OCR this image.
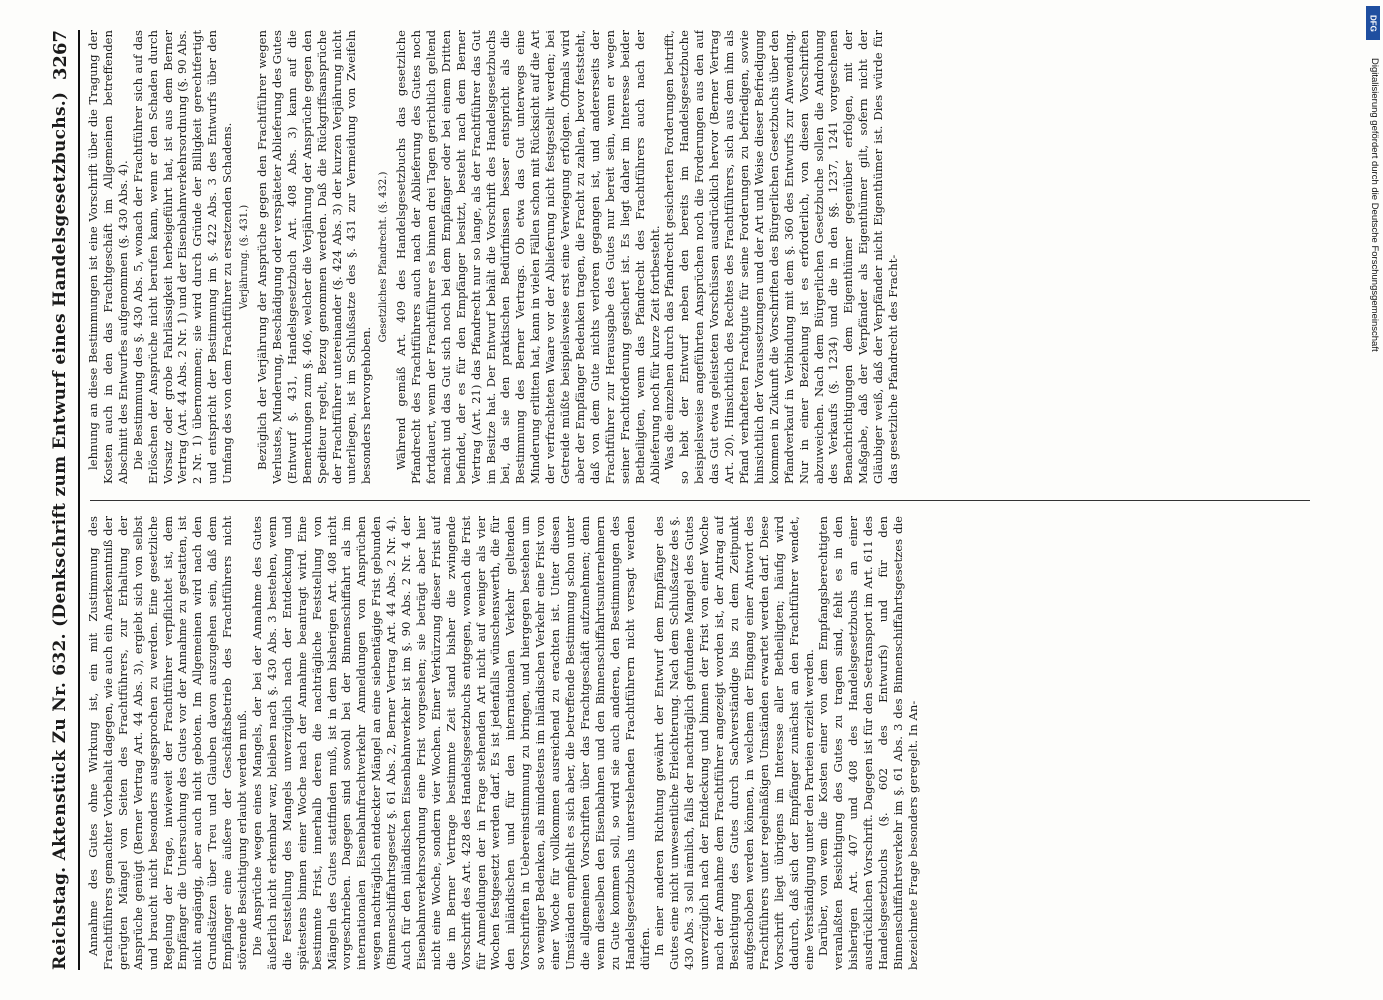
Reichstag. Aktenstück Zu Nr. 632. (Denkschrift zum Entwurf eines Handelsgesetzbuchs.)
3267

Annahme des Gutes ohne Wirkung ist, ein mit Zustimmung des Frachtführers gemachter Vorbehalt dagegen, wie auch ein Anerkenntniß der gerügten Mängel von Seiten des Frachtführers, zur Erhaltung der Ansprüche genügt (Berner Vertrag Art. 44 Abs. 3), ergiebt sich von selbst und braucht nicht besonders ausgesprochen zu werden. Eine gesetzliche Regelung der Frage, inwieweit der Frachtführer verpflichtet ist, dem Empfänger die Untersuchung des Gutes vor der Annahme zu gestatten, ist nicht angängig, aber auch nicht geboten. Im Allgemeinen wird nach den Grundsätzen über Treu und Glauben davon auszugehen sein, daß dem Empfänger eine äußere der Geschäftsbetrieb des Frachtführers nicht störende Besichtigung erlaubt werden muß. Die Ansprüche wegen eines Mangels, der bei der Annahme des Gutes äußerlich nicht erkennbar war, bleiben nach §. 430 Abs. 3 bestehen, wenn die Feststellung des Mangels unverzüglich nach der Entdeckung und spätestens binnen einer Woche nach der Annahme beantragt wird. Eine bestimmte Frist, innerhalb deren die nachträgliche Feststellung von Mängeln des Gutes stattfinden muß, ist in dem bisherigen Art. 408 nicht vorgeschrieben. Dagegen sind sowohl bei der Binnenschiffahrt als im internationalen Eisenbahnfrachtverkehr Anmeldungen von Ansprüchen wegen nachträglich entdeckter Mängel an eine siebentägige Frist gebunden (Binnenschiffahrtsgesetz §. 61 Abs. 2, Berner Vertrag Art. 44 Abs. 2 Nr. 4). Auch für den inländischen Eisenbahnverkehr ist im §. 90 Abs. 2 Nr. 4 der Eisenbahnverkehrsordnung eine Frist vorgesehen; sie beträgt aber hier nicht eine Woche, sondern vier Wochen. Einer Verkürzung dieser Frist auf die im Berner Vertrage bestimmte Zeit stand bisher die zwingende Vorschrift des Art. 428 des Handelsgesetzbuchs entgegen, wonach die Frist für Anmeldungen der in Frage stehenden Art nicht auf weniger als vier Wochen festgesetzt werden darf. Es ist jedenfalls wünschenswerth, die für den inländischen und für den internationalen Verkehr geltenden Vorschriften in Uebereinstimmung zu bringen, und hiergegen bestehen um so weniger Bedenken, als mindestens im inländischen Verkehr eine Frist von einer Woche für vollkommen ausreichend zu erachten ist. Unter diesen Umständen empfiehlt es sich aber, die betreffende Bestimmung schon unter die allgemeinen Vorschriften über das Frachtgeschäft aufzunehmen; denn wenn dieselben den Eisenbahnen und den Binnenschiffahrtsunternehmern zu Gute kommen soll, so wird sie auch anderen, den Bestimmungen des Handelsgesetzbuchs unterstehenden Frachtführern nicht versagt werden dürfen. In einer anderen Richtung gewährt der Entwurf dem Empfänger des Gutes eine nicht unwesentliche Erleichterung. Nach dem Schlußsatze des §. 430 Abs. 3 soll nämlich, falls der nachträglich gefundene Mangel des Gutes unverzüglich nach der Entdeckung und binnen der Frist von einer Woche nach der Annahme dem Frachtführer angezeigt worden ist, der Antrag auf Besichtigung des Gutes durch Sachverständige bis zu dem Zeitpunkt aufgeschoben werden können, in welchem der Eingang einer Antwort des Frachtführers unter regelmäßigen Umständen erwartet werden darf. Diese Vorschrift liegt übrigens im Interesse aller Betheiligten; häufig wird dadurch, daß sich der Empfänger zunächst an den Frachtführer wendet, eine Verständigung unter den Parteien erzielt werden. Darüber, von wem die Kosten einer von dem Empfangsberechtigten veranlaßten Besichtigung des Gutes zu tragen sind, fehlt es in den bisherigen Art. 407 und 408 des Handelsgesetzbuchs an einer ausdrücklichen Vorschrift. Dagegen ist für den Seetransport im Art. 611 des Handelsgesetzbuchs (§. 602 des Entwurfs) und für den Binnenschiffahrtsverkehr im §. 61 Abs. 3 des Binnenschiffahrtsgesetzes die bezeichnete Frage besonders geregelt. In An-

lehnung an diese Bestimmungen ist eine Vorschrift über die Tragung der Kosten auch in den das Frachtgeschäft im Allgemeinen betreffenden Abschnitt des Entwurfes aufgenommen (§. 430 Abs. 4). Die Bestimmung des §. 430 Abs. 5, wonach der Frachtführer sich auf das Erlöschen der Ansprüche nicht berufen kann, wenn er den Schaden durch Vorsatz oder grobe Fahrlässigkeit herbeigeführt hat, ist aus dem Berner Vertrag (Art. 44 Abs. 2 Nr. 1) und der Eisenbahnverkehrsordnung (§. 90 Abs. 2 Nr. 1) übernommen; sie wird durch Gründe der Billigkeit gerechtfertigt und entspricht der Bestimmung im §. 422 Abs. 3 des Entwurfs über den Umfang des von dem Frachtführer zu ersetzenden Schadens. Verjährung. (§. 431.) Bezüglich der Verjährung der Ansprüche gegen den Frachtführer wegen Verlustes, Minderung, Beschädigung oder verspäteter Ablieferung des Gutes (Entwurf §. 431, Handelsgesetzbuch Art. 408 Abs. 3) kann auf die Bemerkungen zum §. 406, welcher die Verjährung der Ansprüche gegen den Spediteur regelt, Bezug genommen werden. Daß die Rückgriffsansprüche der Frachtführer untereinander (§. 424 Abs. 3) der kurzen Verjährung nicht unterliegen, ist im Schlußsatze des §. 431 zur Vermeidung von Zweifeln besonders hervorgehoben.

Gesetzliches Pfandrecht. (§. 432.) Während gemäß Art. 409 des Handelsgesetzbuchs das gesetzliche Pfandrecht des Frachtführers auch nach der Ablieferung des Gutes noch fortdauert, wenn der Frachtführer es binnen drei Tagen gerichtlich geltend macht und das Gut sich noch bei dem Empfänger oder bei einem Dritten befindet, der es für den Empfänger besitzt, besteht nach dem Berner Vertrag (Art. 21) das Pfandrecht nur so lange, als der Frachtführer das Gut im Besitze hat. Der Entwurf behält die Vorschrift des Handelsgesetzbuchs bei, da sie den praktischen Bedürfnissen besser entspricht als die Bestimmung des Berner Vertrags. Ob etwa das Gut unterwegs eine Minderung erlitten hat, kann in vielen Fällen schon mit Rücksicht auf die Art der verfrachteten Waare vor der Ablieferung nicht festgestellt werden; bei Getreide müßte beispielsweise erst eine Verwiegung erfolgen. Oftmals wird aber der Empfänger Bedenken tragen, die Fracht zu zahlen, bevor feststeht, daß von dem Gute nichts verloren gegangen ist, und andererseits der Frachtführer zur Herausgabe des Gutes nur bereit sein, wenn er wegen seiner Frachtforderung gesichert ist. Es liegt daher im Interesse beider Betheiligten, wenn das Pfandrecht des Frachtführers auch nach der Ablieferung noch für kurze Zeit fortbesteht. Was die einzelnen durch das Pfandrecht gesicherten Forderungen betrifft, so hebt der Entwurf neben den bereits im Handelsgesetzbuche beispielsweise angeführten Ansprüchen noch die Forderungen aus den auf das Gut etwa geleisteten Vorschüssen ausdrücklich hervor (Berner Vertrag Art. 20). Hinsichtlich des Rechtes des Frachtführers, sich aus dem ihm als Pfand verhafteten Frachtgute für seine Forderungen zu befriedigen, sowie hinsichtlich der Voraussetzungen und der Art und Weise dieser Befriedigung kommen in Zukunft die Vorschriften des Bürgerlichen Gesetzbuchs über den Pfandverkauf in Verbindung mit dem §. 360 des Entwurfs zur Anwendung. Nur in einer Beziehung ist es erforderlich, von diesen Vorschriften abzuweichen. Nach dem Bürgerlichen Gesetzbuche sollen die Androhung des Verkaufs (§. 1234) und die in den §§. 1237, 1241 vorgeschenen Benachrichtigungen dem Eigenthümer gegenüber erfolgen, mit der Maßgabe, daß der Verpfänder als Eigenthümer gilt, sofern nicht der Gläubiger weiß, daß der Verpfänder nicht Eigenthümer ist. Dies würde für das gesetzliche Pfandrecht des Fracht-

DFG
Digitalisierung gefördert durch die Deutsche Forschungsgemeinschaft
